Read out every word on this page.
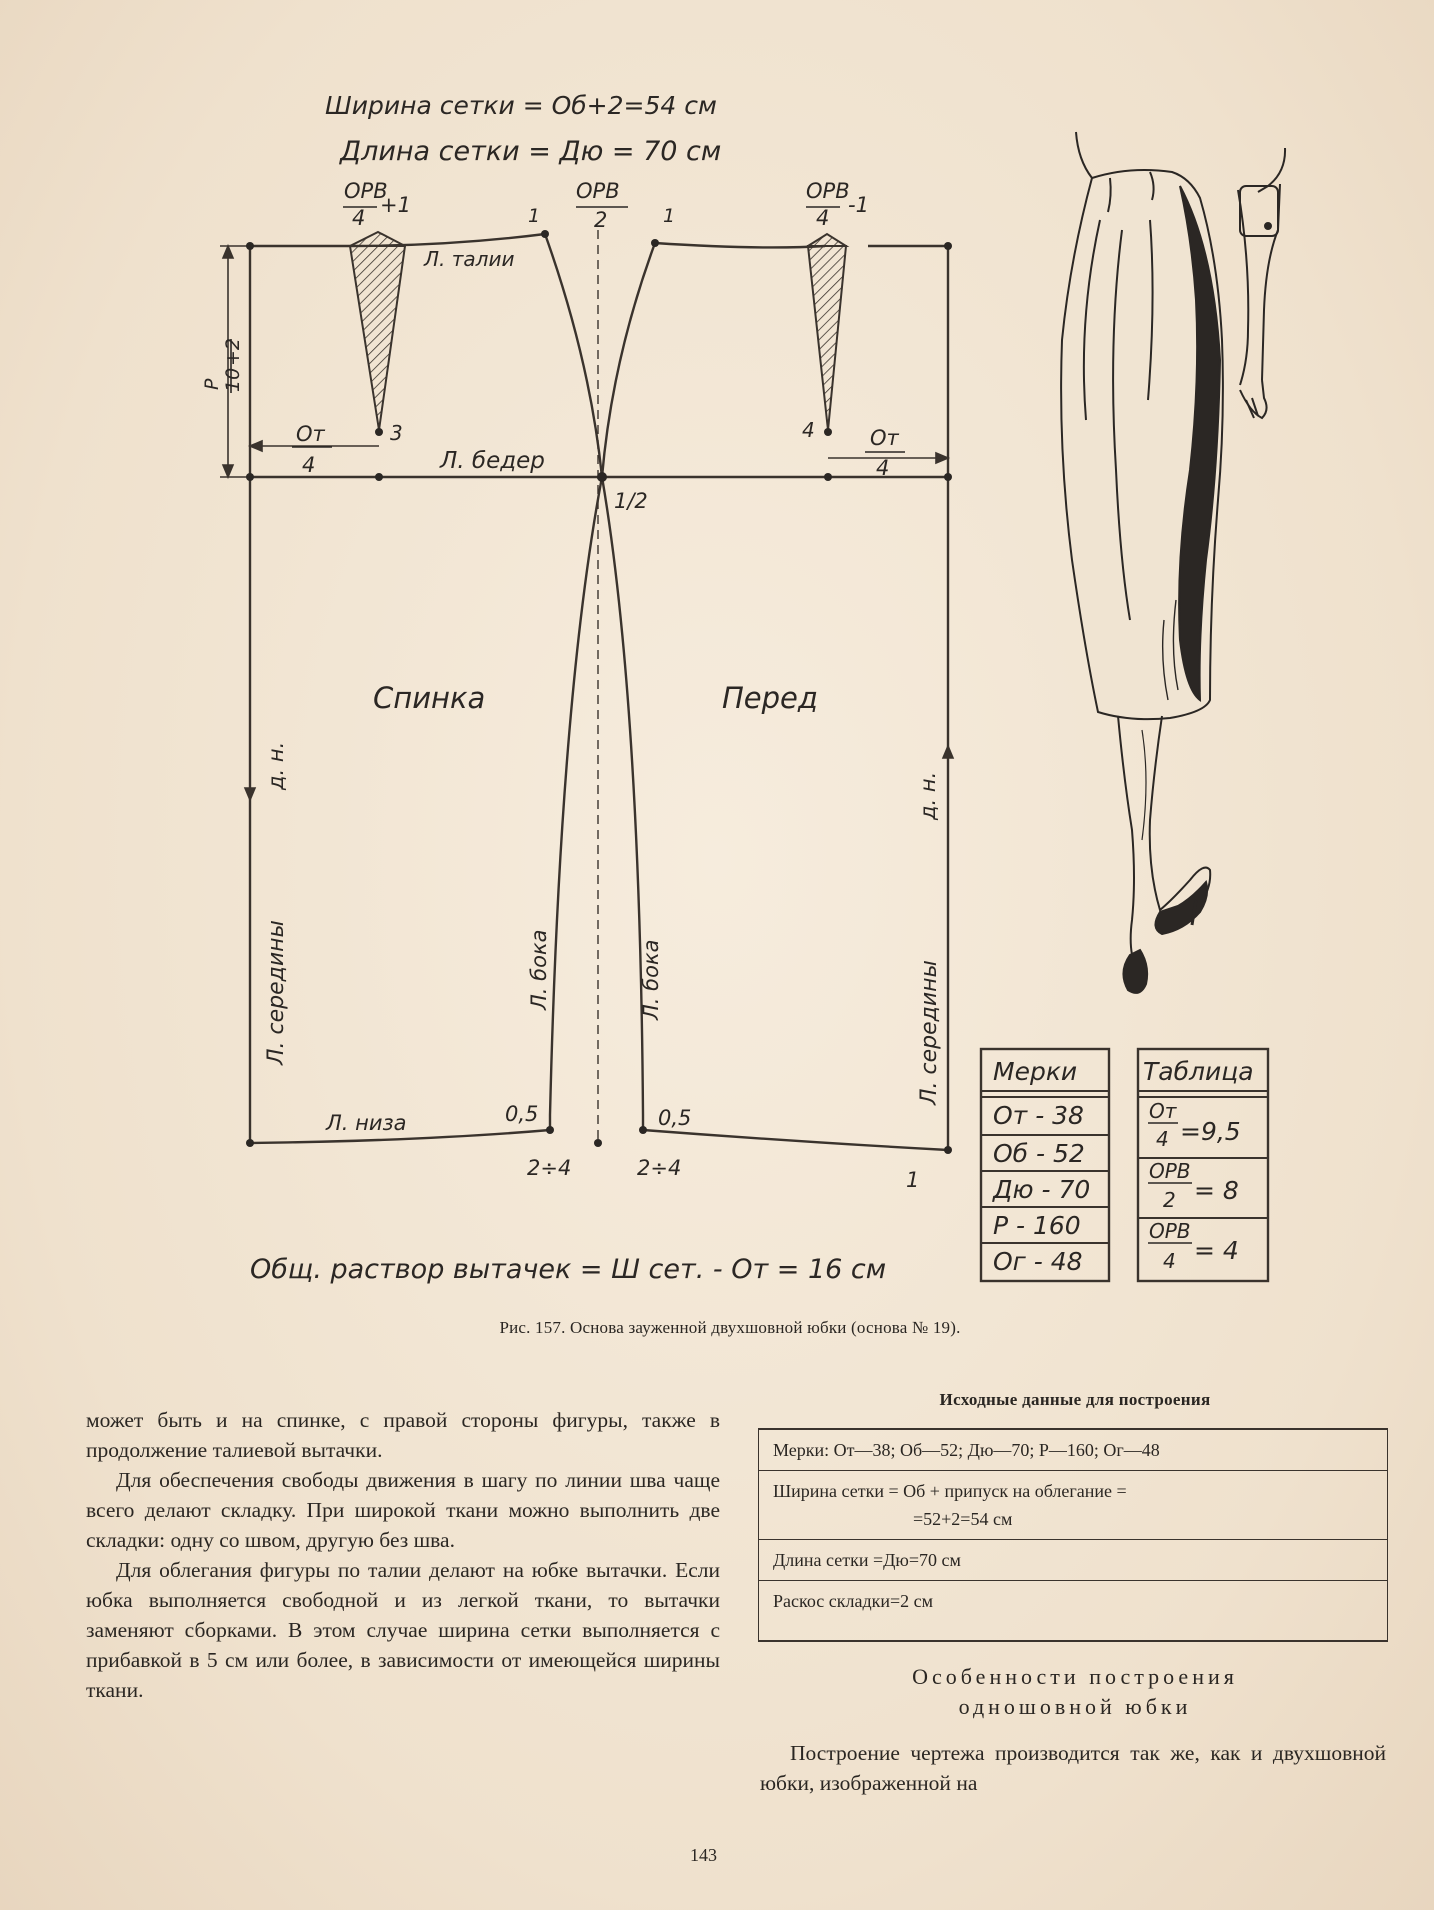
Ширина сетки = Об+2=54 см
Длина сетки = Дю = 70 см
ОРВ
4
+1
ОРВ
2
ОРВ
4
-1
1	1
Л. талии
Л. бедер
От
4
От
4
3	4
1/2
Спинка	Перед
Л. низа	0,5	0,5
2÷4	2÷4	1
Р 10
+2
д. н.
д. н.
Л. середины	Л. середины
Л. бока	Л. бока
Общ. раствор вытачек = Ш сет. - От = 16 см
Мерки
От - 38
Об - 52
Дю - 70
Р - 160
Ог - 48
Таблица
От
4 =9,5
ОРВ
2 = 8
ОРВ
4 = 4
Рис. 157. Основа зауженной двухшовной юбки (основа № 19).

может быть и на спинке, с правой стороны фигуры, также в продолжение талиевой вытачки.

Для обеспечения свободы движения в шагу по линии шва чаще всего делают складку. При широкой ткани можно выполнить две складки: одну со швом, другую без шва.

Для облегания фигуры по талии делают на юбке вытачки. Если юбка выполняется свободной и из легкой ткани, то вытачки заменяют сборками. В этом случае ширина сетки выполняется с прибавкой в 5 см или более, в зависимости от имеющейся ширины ткани.

Исходные данные для построения
Мерки: От—38; Об—52; Дю—70; Р—160; Ог—48
Ширина сетки = Об + припуск на облегание =
=52+2=54 см
Длина сетки =Дю=70 см
Раскос складки=2 см
Особенности построения
одношовной юбки

Построение чертежа производится так же, как и двухшовной юбки, изображенной на

143
